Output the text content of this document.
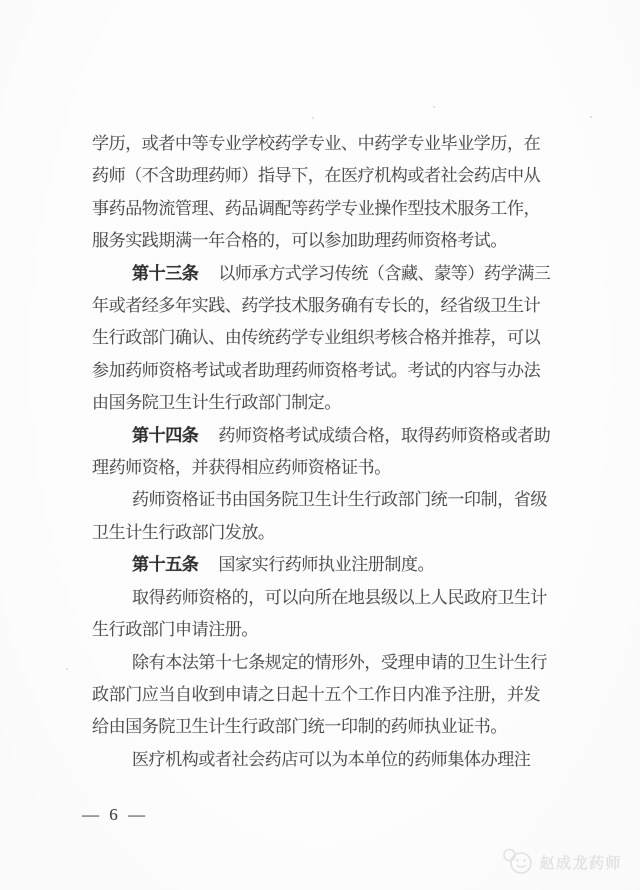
学历，或者中等专业学校药学专业、中药学专业毕业学历，在
药师（不含助理药师）指导下，在医疗机构或者社会药店中从
事药品物流管理、药品调配等药学专业操作型技术服务工作，
服务实践期满一年合格的，可以参加助理药师资格考试。
第十三条 以师承方式学习传统（含藏、蒙等）药学满三
年或者经多年实践、药学技术服务确有专长的，经省级卫生计
生行政部门确认、由传统药学专业组织考核合格并推荐，可以
参加药师资格考试或者助理药师资格考试。考试的内容与办法
由国务院卫生计生行政部门制定。
第十四条 药师资格考试成绩合格，取得药师资格或者助
理药师资格，并获得相应药师资格证书。
药师资格证书由国务院卫生计生行政部门统一印制，省级
卫生计生行政部门发放。
第十五条 国家实行药师执业注册制度。
取得药师资格的，可以向所在地县级以上人民政府卫生计
生行政部门申请注册。
除有本法第十七条规定的情形外，受理申请的卫生计生行
政部门应当自收到申请之日起十五个工作日内准予注册，并发
给由国务院卫生计生行政部门统一印制的药师执业证书。
医疗机构或者社会药店可以为本单位的药师集体办理注
— 6 —
赵成龙药师
